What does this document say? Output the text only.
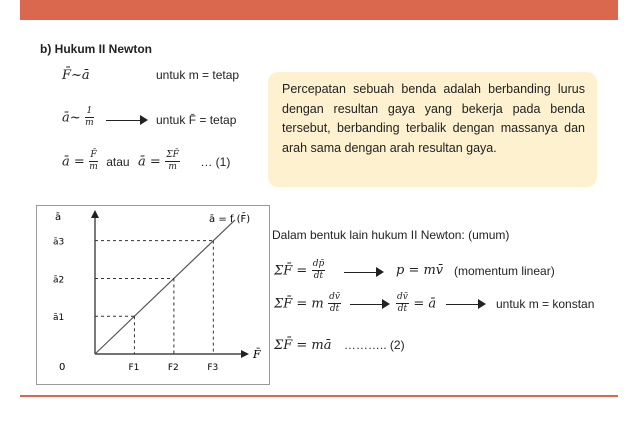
b) Hukum II Newton
F̄~ā	untuk m = tetap
ā~ $\frac{1}{m}$	untuk F̄ = tetap
ā = $\frac{F̄}{m}$ atau ā = $\frac{\Sigma F̄}{m}$ … (1)
Percepatan sebuah benda adalah berbanding lurus dengan resultan gaya yang bekerja pada benda tersebut, berbanding terbalik dengan massanya dan arah sama dengan arah resultan gaya.
ā
F̄
0
ā = f (F̄)
ā1
F1
ā2
F2
ā3
F3
Dalam bentuk lain hukum II Newton: (umum)
ΣF̄ = $\frac{dp̄}{dt}$	p = mv̄ (momentum linear)
ΣF̄ = m $\frac{dv̄}{dt}$	$\frac{dv̄}{dt}$ = ā	untuk m = konstan
ΣF̄ = mā ……….. (2)
